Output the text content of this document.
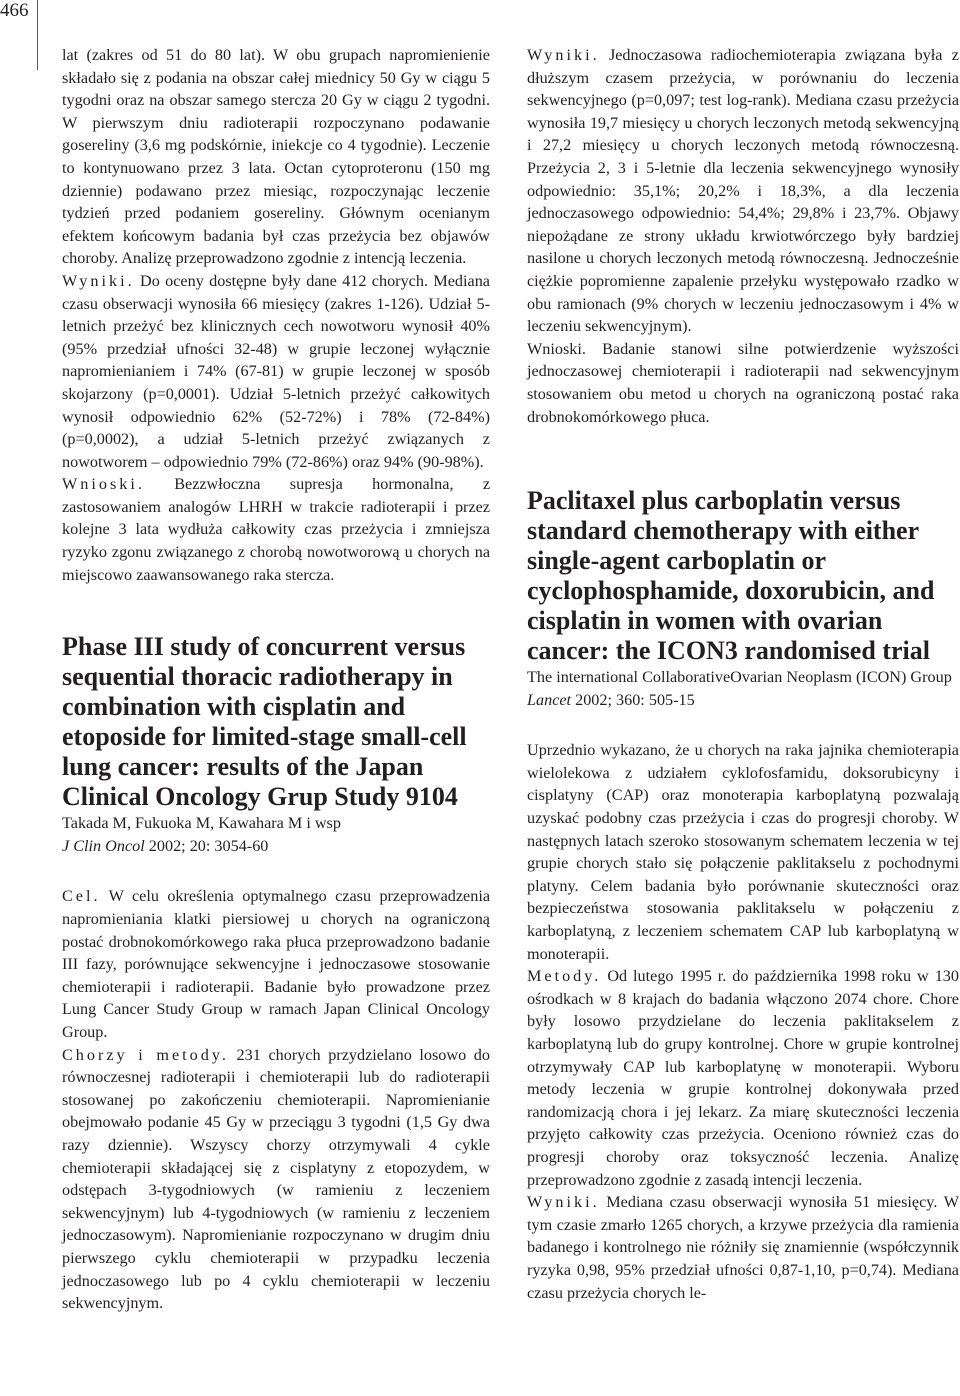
466

lat (zakres od 51 do 80 lat). W obu grupach napromienienie składało się z podania na obszar całej miednicy 50 Gy w ciągu 5 tygodni oraz na obszar samego stercza 20 Gy w ciągu 2 tygodni. W pierwszym dniu radioterapii rozpoczynano podawanie gosereliny (3,6 mg podskórnie, iniekcje co 4 tygodnie). Leczenie to kontynuowano przez 3 lata. Octan cytoproteronu (150 mg dziennie) podawano przez miesiąc, rozpoczynając leczenie tydzień przed podaniem gosereliny. Głównym ocenianym efektem końcowym badania był czas przeżycia bez objawów choroby. Analizę przeprowadzono zgodnie z intencją leczenia.

Wyniki. Do oceny dostępne były dane 412 chorych. Mediana czasu obserwacji wynosiła 66 miesięcy (zakres 1-126). Udział 5-letnich przeżyć bez klinicznych cech nowotworu wynosił 40% (95% przedział ufności 32-48) w grupie leczonej wyłącznie napromienianiem i 74% (67-81) w grupie leczonej w sposób skojarzony (p=0,0001). Udział 5-letnich przeżyć całkowitych wynosił odpowiednio 62% (52-72%) i 78% (72-84%) (p=0,0002), a udział 5-letnich przeżyć związanych z nowotworem – odpowiednio 79% (72-86%) oraz 94% (90-98%).

Wnioski. Bezzwłoczna supresja hormonalna, z zastosowaniem analogów LHRH w trakcie radioterapii i przez kolejne 3 lata wydłuża całkowity czas przeżycia i zmniejsza ryzyko zgonu związanego z chorobą nowotworową u chorych na miejscowo zaawansowanego raka stercza.

Phase III study of concurrent versus sequential thoracic radiotherapy in combination with cisplatin and etoposide for limited-stage small-cell lung cancer: results of the Japan Clinical Oncology Grup Study 9104
Takada M, Fukuoka M, Kawahara M i wsp
J Clin Oncol 2002; 20: 3054-60

Cel. W celu określenia optymalnego czasu przeprowadzenia napromieniania klatki piersiowej u chorych na ograniczoną postać drobnokomórkowego raka płuca przeprowadzono badanie III fazy, porównujące sekwencyjne i jednoczasowe stosowanie chemioterapii i radioterapii. Badanie było prowadzone przez Lung Cancer Study Group w ramach Japan Clinical Oncology Group.

Chorzy i metody. 231 chorych przydzielano losowo do równoczesnej radioterapii i chemioterapii lub do radioterapii stosowanej po zakończeniu chemioterapii. Napromienianie obejmowało podanie 45 Gy w przeciągu 3 tygodni (1,5 Gy dwa razy dziennie). Wszyscy chorzy otrzymywali 4 cykle chemioterapii składającej się z cisplatyny z etopozydem, w odstępach 3-tygodniowych (w ramieniu z leczeniem sekwencyjnym) lub 4-tygodniowych (w ramieniu z leczeniem jednoczasowym). Napromienianie rozpoczynano w drugim dniu pierwszego cyklu chemioterapii w przypadku leczenia jednoczasowego lub po 4 cyklu chemioterapii w leczeniu sekwencyjnym.

Wyniki. Jednoczasowa radiochemioterapia związana była z dłuższym czasem przeżycia, w porównaniu do leczenia sekwencyjnego (p=0,097; test log-rank). Mediana czasu przeżycia wynosiła 19,7 miesięcy u chorych leczonych metodą sekwencyjną i 27,2 miesięcy u chorych leczonych metodą równoczesną. Przeżycia 2, 3 i 5-letnie dla leczenia sekwencyjnego wynosiły odpowiednio: 35,1%; 20,2% i 18,3%, a dla leczenia jednoczasowego odpowiednio: 54,4%; 29,8% i 23,7%. Objawy niepożądane ze strony układu krwiotwórczego były bardziej nasilone u chorych leczonych metodą równoczesną. Jednocześnie ciężkie popromienne zapalenie przełyku występowało rzadko w obu ramionach (9% chorych w leczeniu jednoczasowym i 4% w leczeniu sekwencyjnym).

Wnioski. Badanie stanowi silne potwierdzenie wyższości jednoczasowej chemioterapii i radioterapii nad sekwencyjnym stosowaniem obu metod u chorych na ograniczoną postać raka drobnokomórkowego płuca.

Paclitaxel plus carboplatin versus standard chemotherapy with either single-agent carboplatin or cyclophosphamide, doxorubicin, and cisplatin in women with ovarian cancer: the ICON3 randomised trial
The international CollaborativeOvarian Neoplasm (ICON) Group
Lancet 2002; 360: 505-15

Uprzednio wykazano, że u chorych na raka jajnika chemioterapia wielolekowa z udziałem cyklofosfamidu, doksorubicyny i cisplatyny (CAP) oraz monoterapia karboplatyną pozwalają uzyskać podobny czas przeżycia i czas do progresji choroby. W następnych latach szeroko stosowanym schematem leczenia w tej grupie chorych stało się połączenie paklitakselu z pochodnymi platyny. Celem badania było porównanie skuteczności oraz bezpieczeństwa stosowania paklitakselu w połączeniu z karboplatyną, z leczeniem schematem CAP lub karboplatyną w monoterapii.

Metody. Od lutego 1995 r. do października 1998 roku w 130 ośrodkach w 8 krajach do badania włączono 2074 chore. Chore były losowo przydzielane do leczenia paklitakselem z karboplatyną lub do grupy kontrolnej. Chore w grupie kontrolnej otrzymywały CAP lub karboplatynę w monoterapii. Wyboru metody leczenia w grupie kontrolnej dokonywała przed randomizacją chora i jej lekarz. Za miarę skuteczności leczenia przyjęto całkowity czas przeżycia. Oceniono również czas do progresji choroby oraz toksyczność leczenia. Analizę przeprowadzono zgodnie z zasadą intencji leczenia.

Wyniki. Mediana czasu obserwacji wynosiła 51 miesięcy. W tym czasie zmarło 1265 chorych, a krzywe przeżycia dla ramienia badanego i kontrolnego nie różniły się znamiennie (współczynnik ryzyka 0,98, 95% przedział ufności 0,87-1,10, p=0,74). Mediana czasu przeżycia chorych le-
